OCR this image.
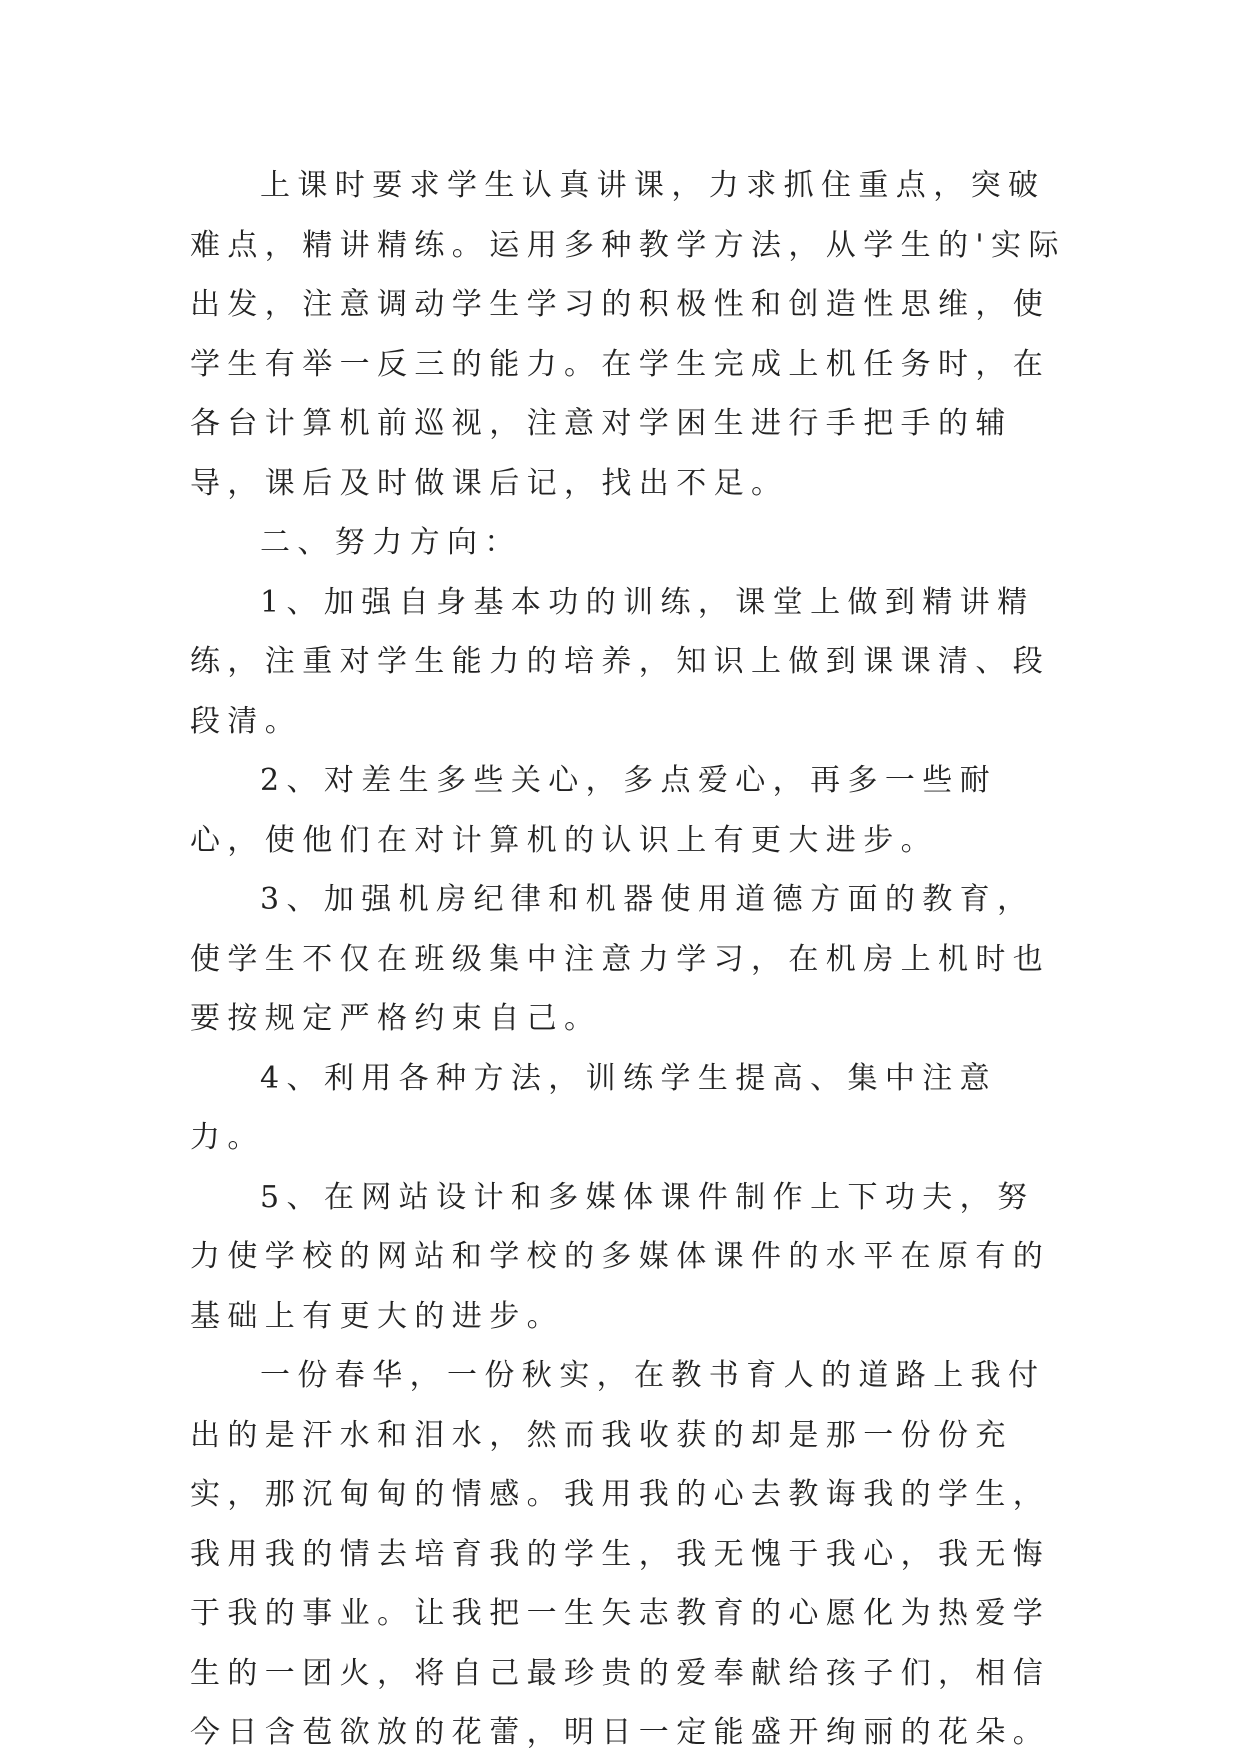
上课时要求学生认真讲课，力求抓住重点，突破难点，精讲精练。运用多种教学方法，从学生的'实际出发，注意调动学生学习的积极性和创造性思维，使学生有举一反三的能力。在学生完成上机任务时，在各台计算机前巡视，注意对学困生进行手把手的辅导，课后及时做课后记，找出不足。

二、努力方向：

1、加强自身基本功的训练，课堂上做到精讲精练，注重对学生能力的培养，知识上做到课课清、段段清。

2、对差生多些关心，多点爱心，再多一些耐心，使他们在对计算机的认识上有更大进步。

3、加强机房纪律和机器使用道德方面的教育，使学生不仅在班级集中注意力学习，在机房上机时也要按规定严格约束自己。

4、利用各种方法，训练学生提高、集中注意力。

5、在网站设计和多媒体课件制作上下功夫，努力使学校的网站和学校的多媒体课件的水平在原有的基础上有更大的进步。

一份春华，一份秋实，在教书育人的道路上我付出的是汗水和泪水，然而我收获的却是那一份份充实，那沉甸甸的情感。我用我的心去教诲我的学生，我用我的情去培育我的学生，我无愧于我心，我无悔于我的事业。让我把一生矢志教育的心愿化为热爱学生的一团火，将自己最珍贵的爱奉献给孩子们，相信今日含苞欲放的花蕾，明日一定能盛开绚丽的花朵。
